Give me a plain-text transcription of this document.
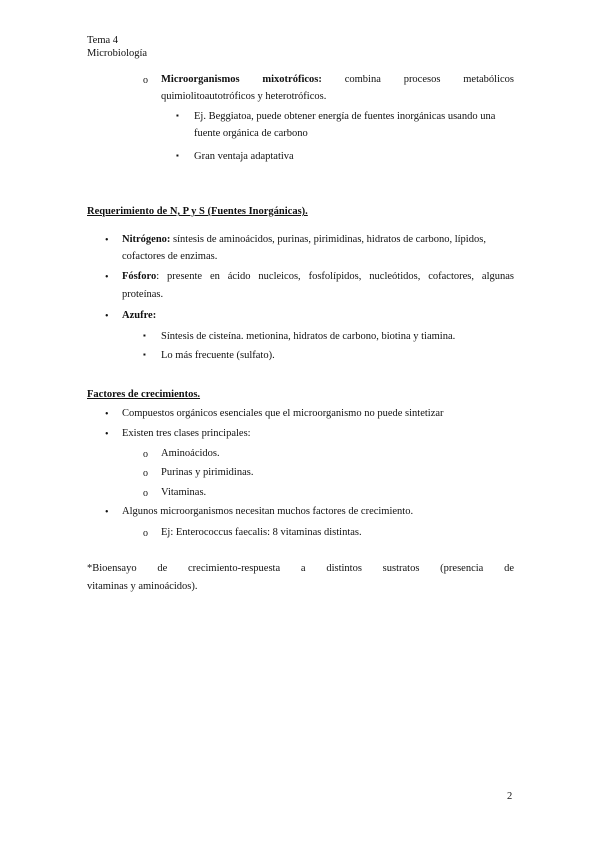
Tema 4
Microbiología
o Microorganismos mixotróficos: combina procesos metabólicos
quimiolitoautotróficos y heterotróficos.
▪ Ej. Beggiatoa, puede obtener energía de fuentes inorgánicas usando una
fuente orgánica de carbono
▪ Gran ventaja adaptativa
Requerimiento de N, P y S (Fuentes Inorgánicas).
• Nitrógeno: síntesis de aminoácidos, purinas, pirimidinas, hidratos de carbono, lípidos,
cofactores de enzimas.
• Fósforo: presente en ácido nucleicos, fosfolípidos, nucleótidos, cofactores, algunas
proteínas.
• Azufre:
▪ Síntesis de cisteína. metionina, hidratos de carbono, biotina y tiamina.
▪ Lo más frecuente (sulfato).
Factores de crecimientos.
• Compuestos orgánicos esenciales que el microorganismo no puede sintetizar
• Existen tres clases principales:
o Aminoácidos.
o Purinas y pirimidinas.
o Vitaminas.
• Algunos microorganismos necesitan muchos factores de crecimiento.
o Ej: Enterococcus faecalis: 8 vitaminas distintas.
*Bioensayo de crecimiento-respuesta a distintos sustratos (presencia de
vitaminas y aminoácidos).
2
